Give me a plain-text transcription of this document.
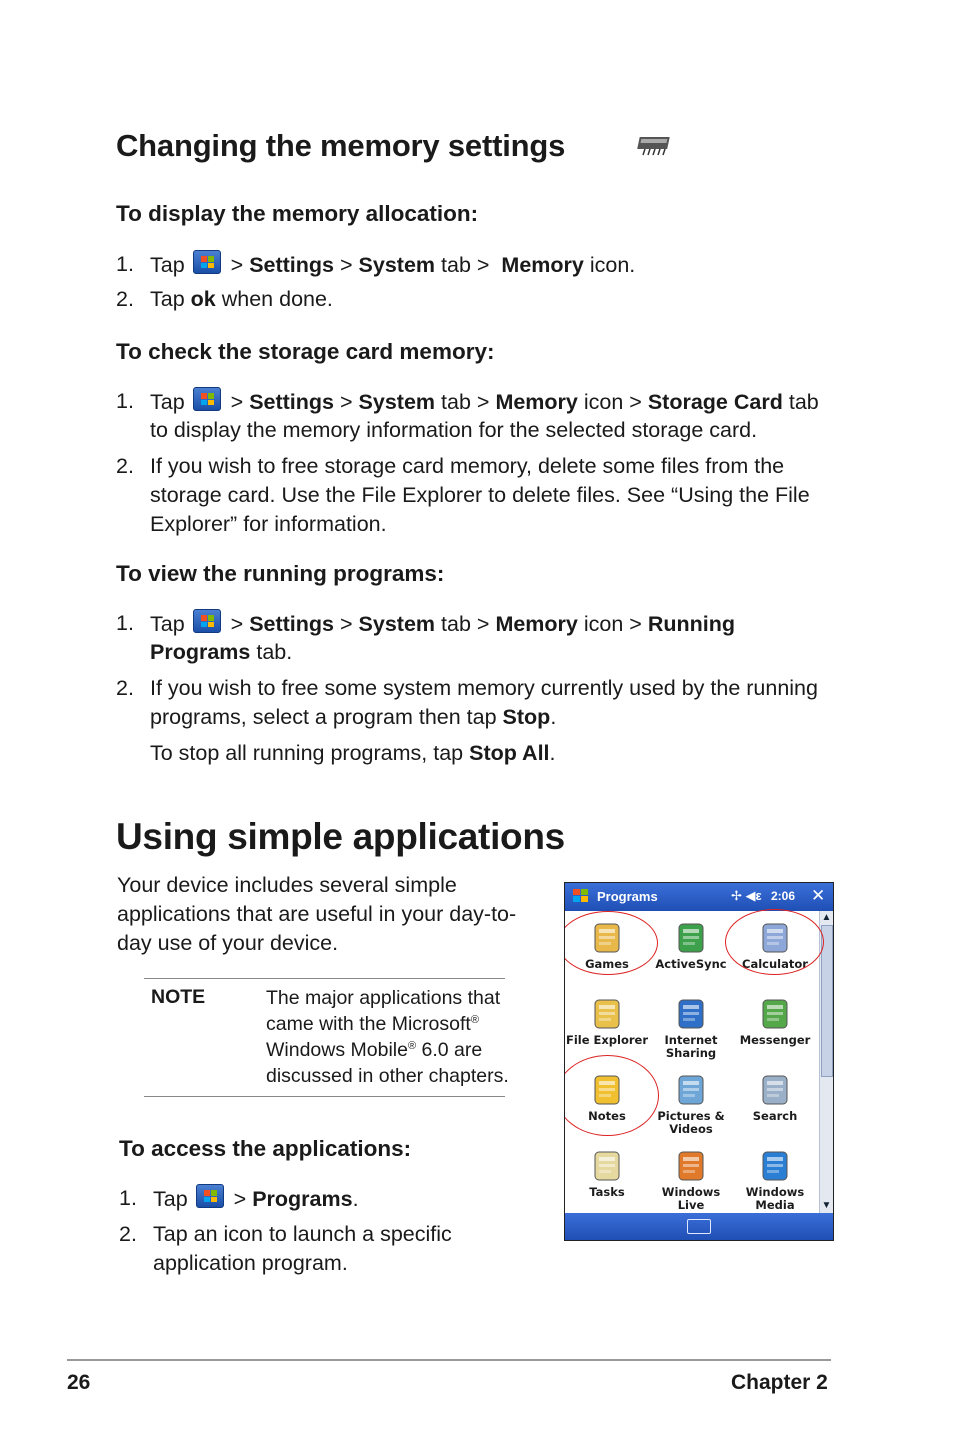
Changing the memory settings
To display the memory allocation:
1. Tap > Settings > System tab > Memory icon.
2. Tap ok when done.
To check the storage card memory:
1. Tap > Settings > System tab > Memory icon > Storage Card tab
to display the memory information for the selected storage card.
2. If you wish to free storage card memory, delete some files from the
storage card. Use the File Explorer to delete files. See “Using the File
Explorer” for information.
To view the running programs:
1. Tap > Settings > System tab > Memory icon > Running
Programs tab.
2. If you wish to free some system memory currently used by the running
programs, select a program then tap Stop.
To stop all running programs, tap Stop All.
Using simple applications
Your device includes several simple
applications that are useful in your day-to-
day use of your device.
NOTE	The major applications that
came with the Microsoft®
Windows Mobile® 6.0 are
discussed in other chapters.
To access the applications:
1. Tap > Programs.
2. Tap an icon to launch a specific
application program.
Programs	✢ ◀ε 2:06 ✕
Games	ActiveSync	Calculator
File Explorer	Internet Sharing
Messenger
Notes	Pictures & Videos
Search
Tasks	Windows Live
Windows Media
▲
▼
26	Chapter 2
